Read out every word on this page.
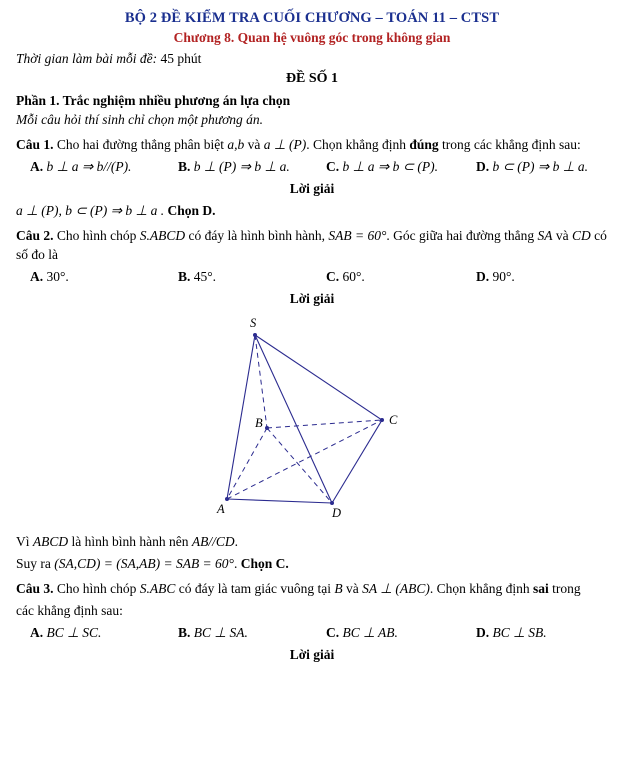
BỘ 2 ĐỀ KIỂM TRA CUỐI CHƯƠNG – TOÁN 11 – CTST
Chương 8. Quan hệ vuông góc trong không gian
Thời gian làm bài mỗi đề: 45 phút
ĐỀ SỐ 1
Phần 1. Trắc nghiệm nhiều phương án lựa chọn
Mỗi câu hỏi thí sinh chỉ chọn một phương án.
Câu 1. Cho hai đường thẳng phân biệt a,b và a ⊥ (P). Chọn khẳng định đúng trong các khẳng định sau:
A. b ⊥ a ⇒ b//(P).	B. b ⊥ (P) ⇒ b ⊥ a.	C. b ⊥ a ⇒ b ⊂ (P).	D. b ⊂ (P) ⇒ b ⊥ a.
Lời giải
a ⊥ (P), b ⊂ (P) ⇒ b ⊥ a . Chọn D.
Câu 2. Cho hình chóp S.ABCD có đáy là hình bình hành, SAB = 60°. Góc giữa hai đường thẳng SA và CD có số đo là
A. 30°.	B. 45°.	C. 60°.	D. 90°.
Lời giải
S
B	C
A	D
Vì ABCD là hình bình hành nên AB//CD.
Suy ra (SA,CD) = (SA,AB) = SAB = 60°. Chọn C.
Câu 3. Cho hình chóp S.ABC có đáy là tam giác vuông tại B và SA ⊥ (ABC). Chọn khẳng định sai trong
các khẳng định sau:
A. BC ⊥ SC.	B. BC ⊥ SA.	C. BC ⊥ AB.	D. BC ⊥ SB.
Lời giải
